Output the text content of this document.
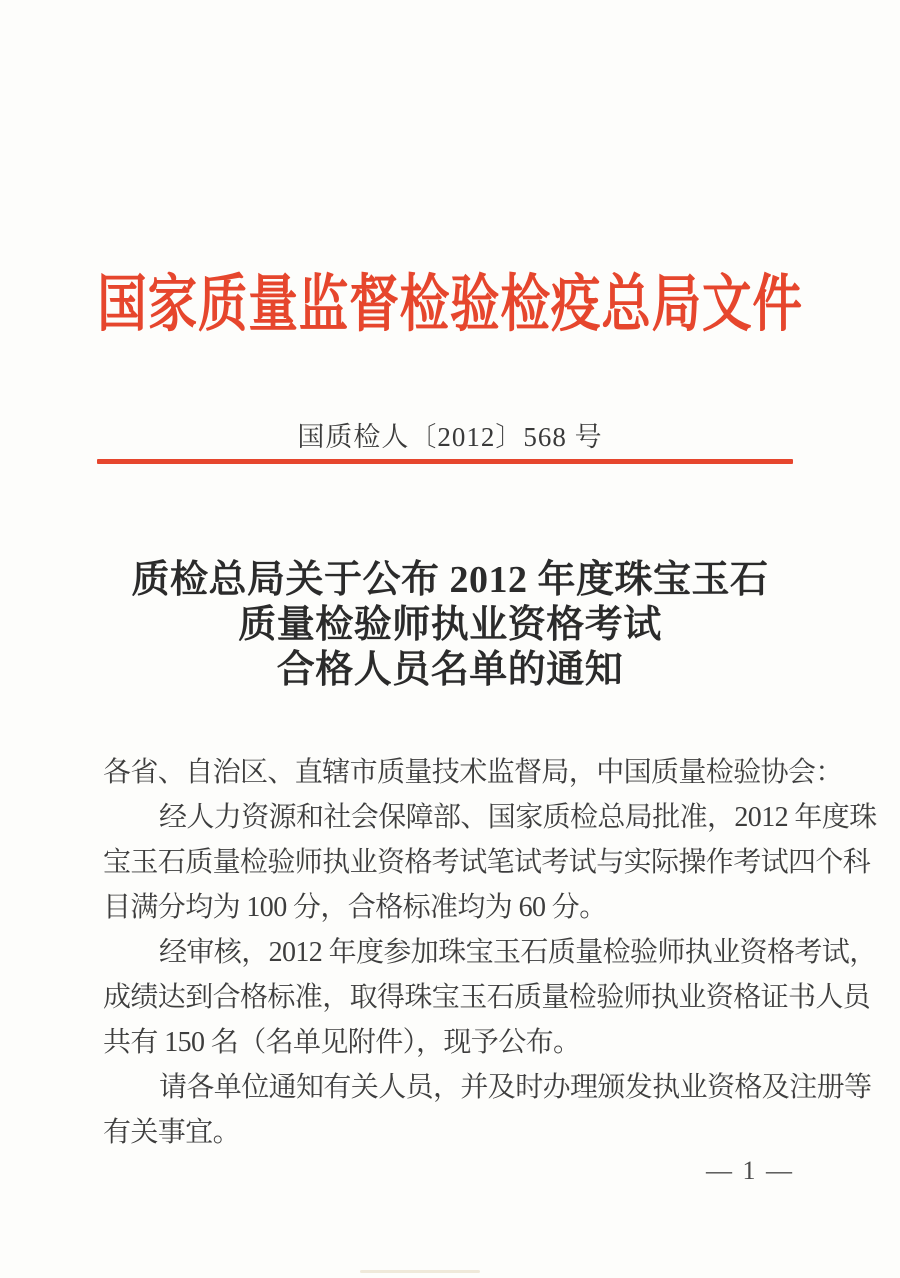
国家质量监督检验检疫总局文件
国质检人〔2012〕568 号
质检总局关于公布 2012 年度珠宝玉石
质量检验师执业资格考试
合格人员名单的通知
各省、自治区、直辖市质量技术监督局，中国质量检验协会：
经人力资源和社会保障部、国家质检总局批准，2012 年度珠
宝玉石质量检验师执业资格考试笔试考试与实际操作考试四个科
目满分均为 100 分，合格标准均为 60 分。
经审核，2012 年度参加珠宝玉石质量检验师执业资格考试，
成绩达到合格标准，取得珠宝玉石质量检验师执业资格证书人员
共有 150 名（名单见附件），现予公布。
请各单位通知有关人员，并及时办理颁发执业资格及注册等
有关事宜。
— 1 —
